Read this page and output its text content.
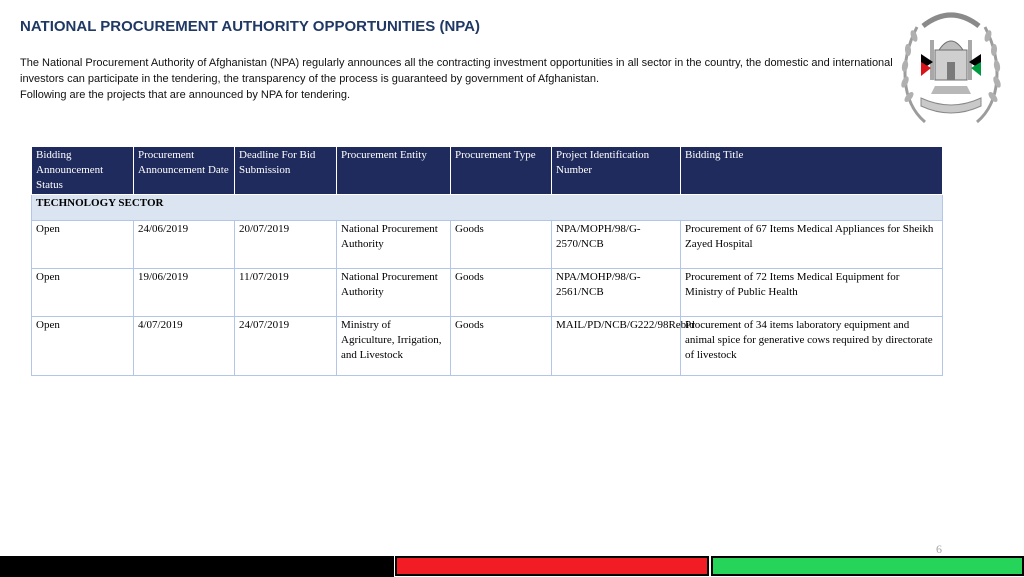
NATIONAL PROCUREMENT AUTHORITY OPPORTUNITIES (NPA)

The National Procurement Authority of Afghanistan (NPA) regularly announces all the contracting investment opportunities in all sector in the country, the domestic and international

investors can participate in the tendering, the transparency of the process is guaranteed by government of Afghanistan.

Following are the projects that are announced by NPA for tendering.

Bidding Announcement Status	Procurement Announcement Date	Deadline For Bid Submission	Procurement Entity	Procurement Type	Project Identification Number	Bidding Title
TECHNOLOGY SECTOR						
Open	24/06/2019	20/07/2019	National Procurement Authority	Goods	NPA/MOPH/98/G-2570/NCB	Procurement of 67 Items Medical Appliances for Sheikh Zayed Hospital
Open	19/06/2019	11/07/2019	National Procurement Authority	Goods	NPA/MOHP/98/G-2561/NCB	Procurement of 72 Items Medical Equipment for Ministry of Public Health
Open	4/07/2019	24/07/2019	Ministry of Agriculture, Irrigation, and Livestock	Goods	MAIL/PD/NCB/G222/98Rebid	Procurement of 34 items laboratory equipment and animal spice for generative cows required by directorate of livestock
6
